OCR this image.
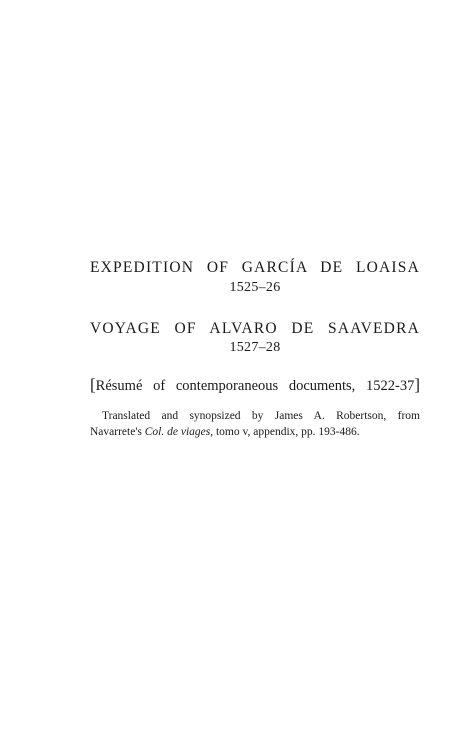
EXPEDITION OF GARCÍA DE LOAISA
1525–26
VOYAGE OF ALVARO DE SAAVEDRA
1527–28
[Résumé of contemporaneous documents, 1522-37]
Translated and synopsized by James A. Robertson, from
Navarrete's Col. de viages, tomo v, appendix, pp. 193-486.
